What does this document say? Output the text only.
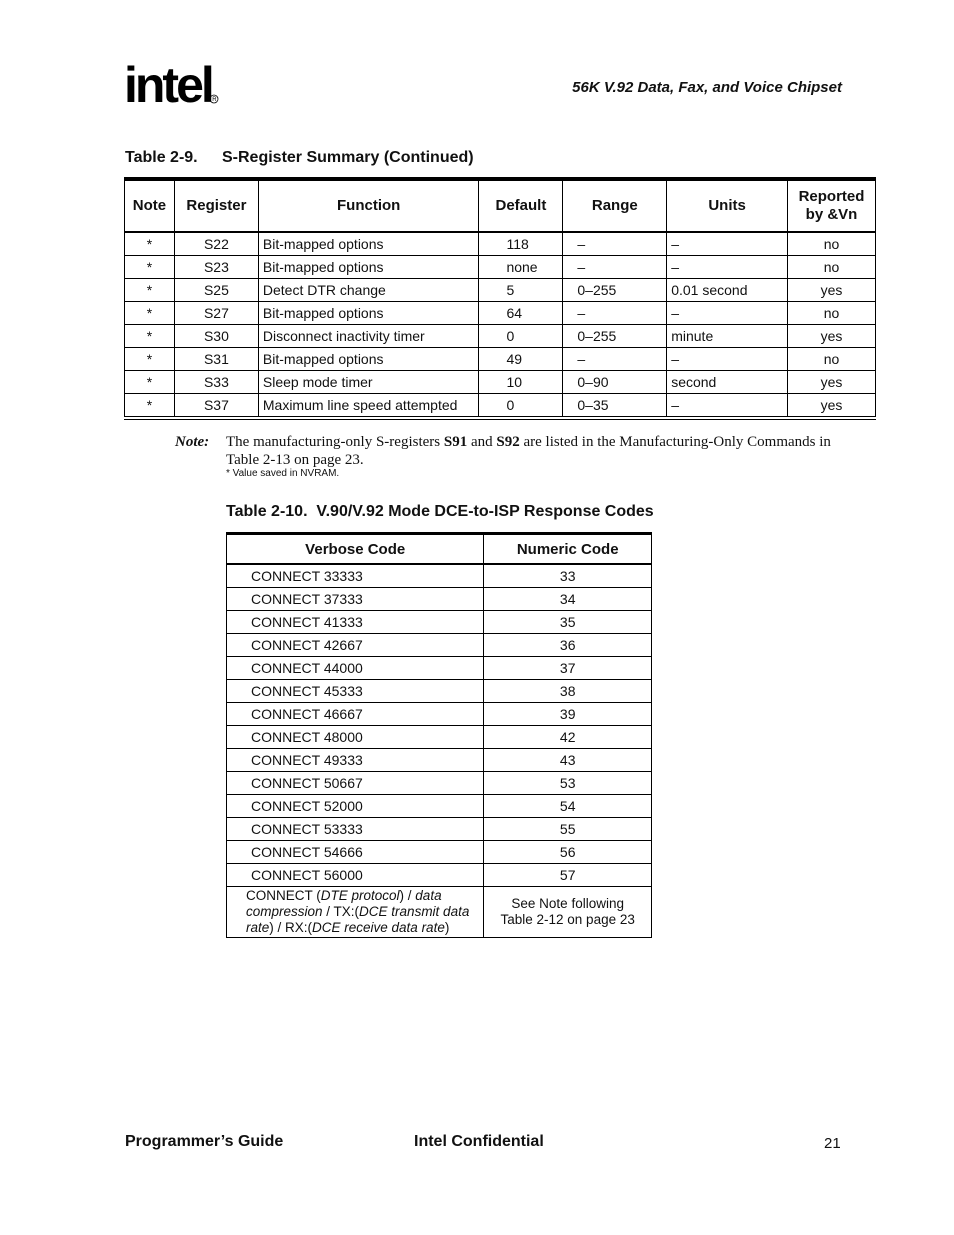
intel R
56K V.92 Data, Fax, and Voice Chipset
Table 2-9. S-Register Summary (Continued)
Note	Register	Function	Default	Range	Units	Reported by &Vn

*	S22	Bit-mapped options	118	–	–	no
*	S23	Bit-mapped options	none	–	–	no
*	S25	Detect DTR change	5	0–255	0.01 second	yes
*	S27	Bit-mapped options	64	–	–	no
*	S30	Disconnect inactivity timer	0	0–255	minute	yes
*	S31	Bit-mapped options	49	–	–	no
*	S33	Sleep mode timer	10	0–90	second	yes
*	S37	Maximum line speed attempted	0	0–35	–	yes
Note: The manufacturing-only S-registers S91 and S92 are listed in the Manufacturing-Only Commands in Table 2-13 on page 23.
* Value saved in NVRAM.
Table 2-10.  V.90/V.92 Mode DCE-to-ISP Response Codes
Verbose Code	Numeric Code
CONNECT 33333	33
CONNECT 37333	34
CONNECT 41333	35
CONNECT 42667	36
CONNECT 44000	37
CONNECT 45333	38
CONNECT 46667	39
CONNECT 48000	42
CONNECT 49333	43
CONNECT 50667	53
CONNECT 52000	54
CONNECT 53333	55
CONNECT 54666	56
CONNECT 56000	57
CONNECT (DTE protocol) / data compression / TX:(DCE transmit data rate) / RX:(DCE receive data rate)	See Note following
Table 2-12 on page 23
Programmer’s Guide	Intel Confidential	21
